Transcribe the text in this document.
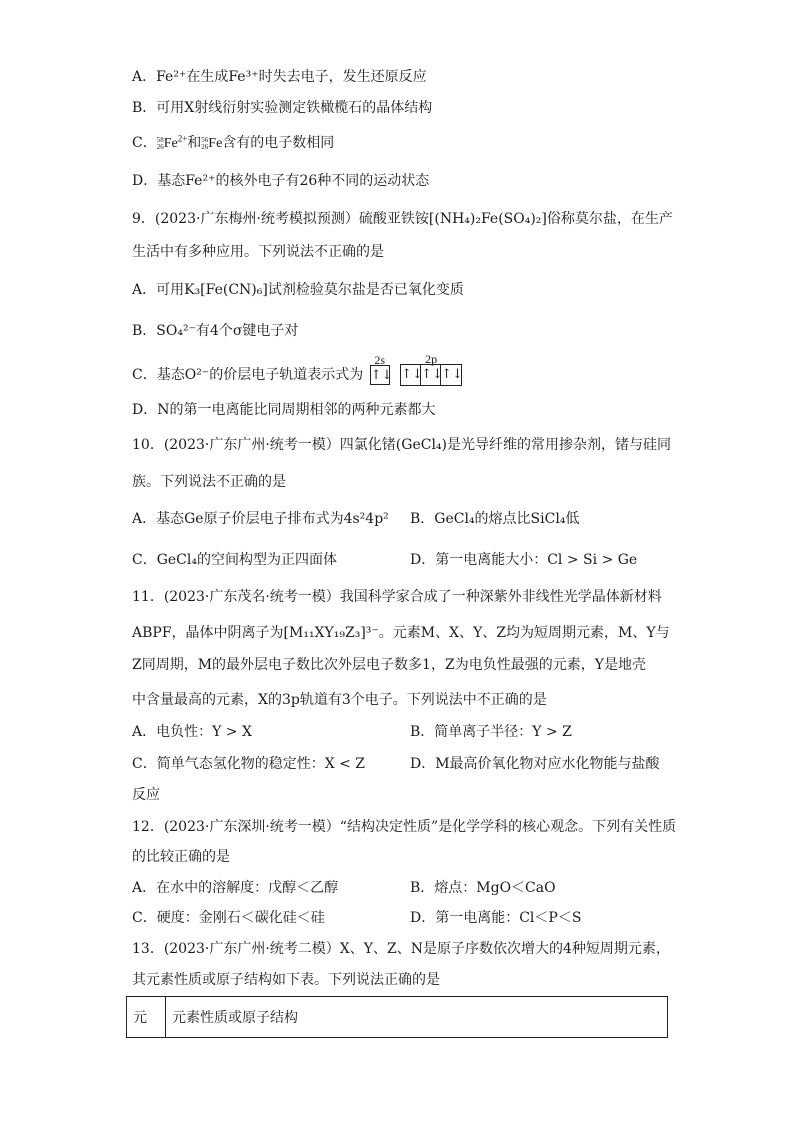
A．Fe²⁺在生成Fe³⁺时失去电子，发生还原反应
B．可用X射线衍射实验测定铁橄榄石的晶体结构
C．58
$26Fe^{2+}$和56
26Fe含有的电子数相同
D．基态Fe²⁺的核外电子有26种不同的运动状态
9．(2023·广东梅州·统考模拟预测）硫酸亚铁铵[(NH₄)₂Fe(SO₄)₂]俗称莫尔盐，在生产
生活中有多种应用。下列说法不正确的是
A．可用K₃[Fe(CN)₆]试剂检验莫尔盐是否已氧化变质
B．SO₄²⁻有4个σ键电子对
C．基态O²⁻的价层电子轨道表示式为
2s
↑↓
2p
↑↓↑↓↑↓
D．N的第一电离能比同周期相邻的两种元素都大
10．(2023·广东广州·统考一模）四氯化锗(GeCl₄)是光导纤维的常用掺杂剂，锗与硅同
族。下列说法不正确的是
A．基态Ge原子价层电子排布式为4s²4p² B．GeCl₄的熔点比SiCl₄低
C．GeCl₄的空间构型为正四面体	D．第一电离能大小：Cl > Si > Ge
11．(2023·广东茂名·统考一模）我国科学家合成了一种深紫外非线性光学晶体新材料
ABPF，晶体中阴离子为[M₁₁XY₁₉Z₃]³⁻。元素M、X、Y、Z均为短周期元素，M、Y与
Z同周期，M的最外层电子数比次外层电子数多1，Z为电负性最强的元素，Y是地壳
中含量最高的元素，X的3p轨道有3个电子。下列说法中不正确的是
A．电负性：Y > X	B．简单离子半径：Y > Z
C．简单气态氢化物的稳定性：X < Z	D．M最高价氧化物对应水化物能与盐酸
反应
12．(2023·广东深圳·统考一模）“结构决定性质”是化学学科的核心观念。下列有关性质
的比较正确的是
A．在水中的溶解度：戊醇＜乙醇	B．熔点：MgO＜CaO
C．硬度：金刚石＜碳化硅＜硅	D．第一电离能：Cl＜P＜S
13．(2023·广东广州·统考二模）X、Y、Z、N是原子序数依次增大的4种短周期元素，
其元素性质或原子结构如下表。下列说法正确的是
元	元素性质或原子结构
